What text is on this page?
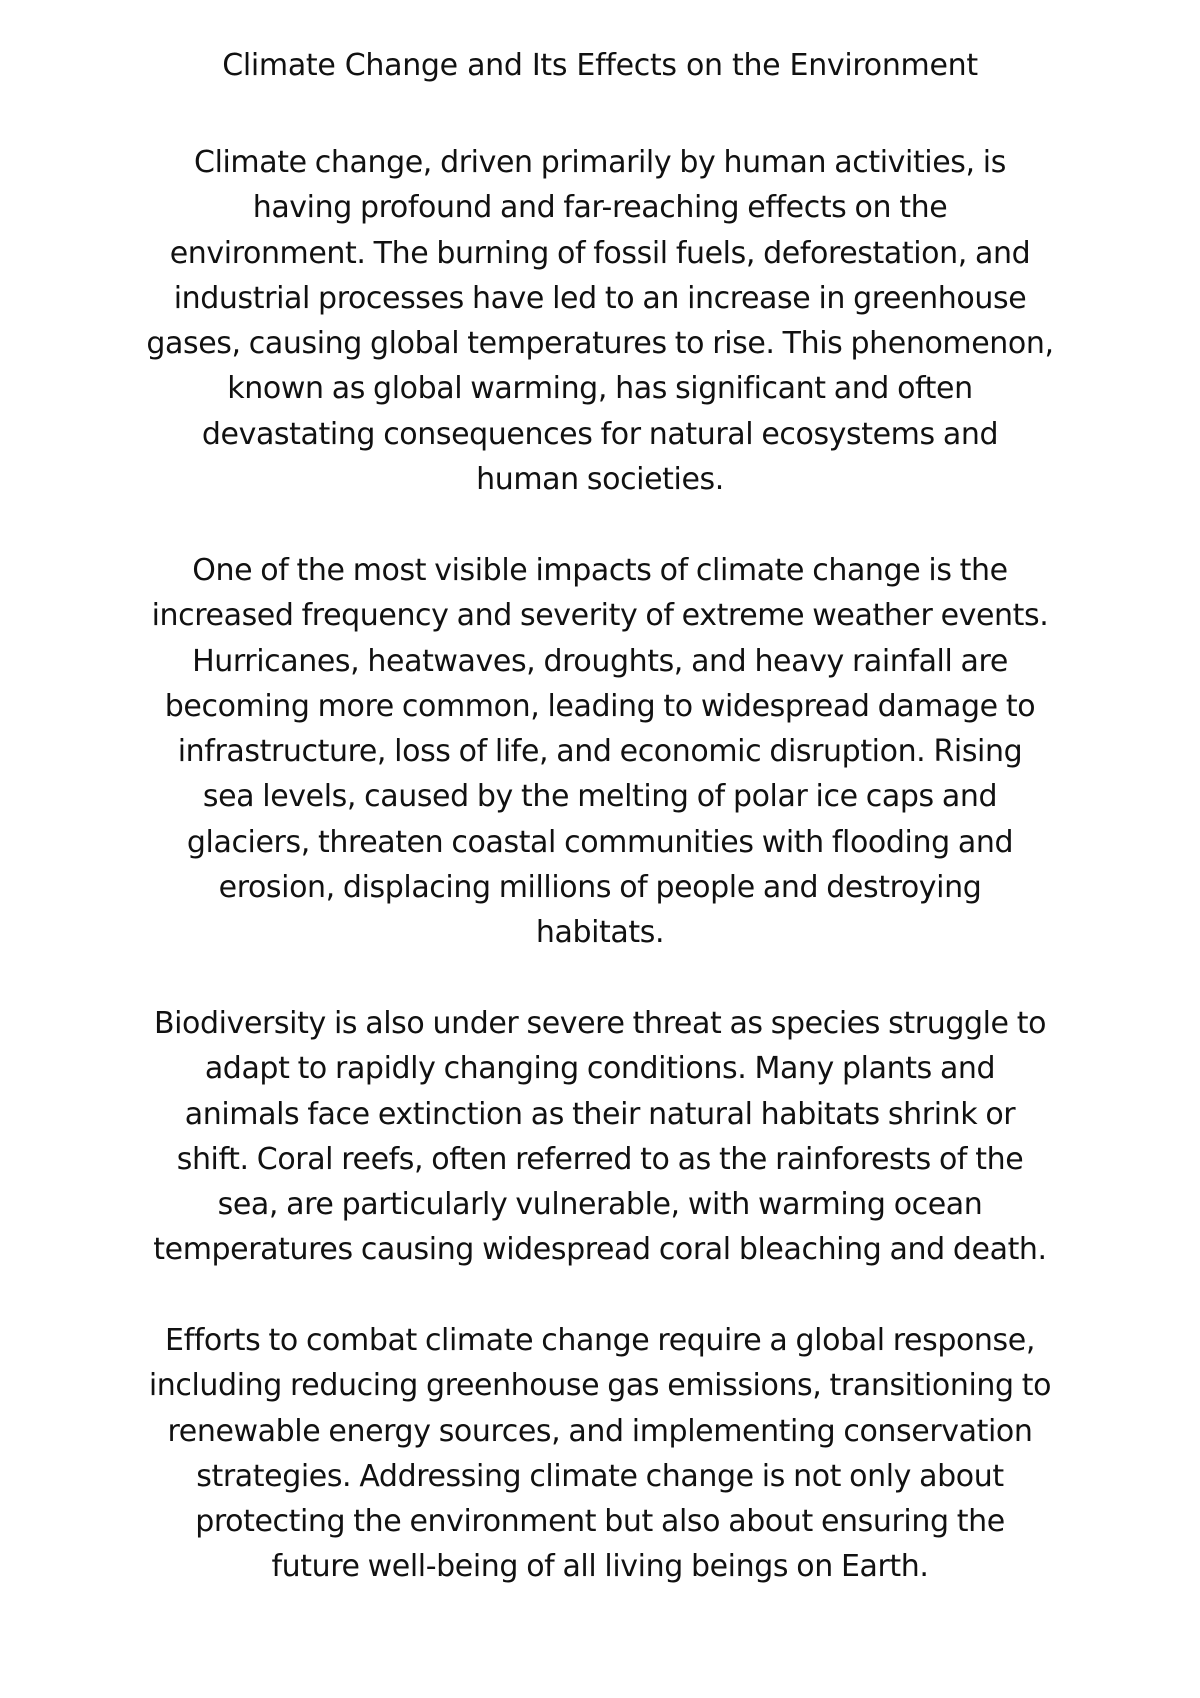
Climate Change and Its Effects on the Environment

Climate change, driven primarily by human activities, is
having profound and far-reaching effects on the
environment. The burning of fossil fuels, deforestation, and
industrial processes have led to an increase in greenhouse
gases, causing global temperatures to rise. This phenomenon,
known as global warming, has significant and often
devastating consequences for natural ecosystems and
human societies.

One of the most visible impacts of climate change is the
increased frequency and severity of extreme weather events.
Hurricanes, heatwaves, droughts, and heavy rainfall are
becoming more common, leading to widespread damage to
infrastructure, loss of life, and economic disruption. Rising
sea levels, caused by the melting of polar ice caps and
glaciers, threaten coastal communities with flooding and
erosion, displacing millions of people and destroying
habitats.

Biodiversity is also under severe threat as species struggle to
adapt to rapidly changing conditions. Many plants and
animals face extinction as their natural habitats shrink or
shift. Coral reefs, often referred to as the rainforests of the
sea, are particularly vulnerable, with warming ocean
temperatures causing widespread coral bleaching and death.

Efforts to combat climate change require a global response,
including reducing greenhouse gas emissions, transitioning to
renewable energy sources, and implementing conservation
strategies. Addressing climate change is not only about
protecting the environment but also about ensuring the
future well-being of all living beings on Earth.
